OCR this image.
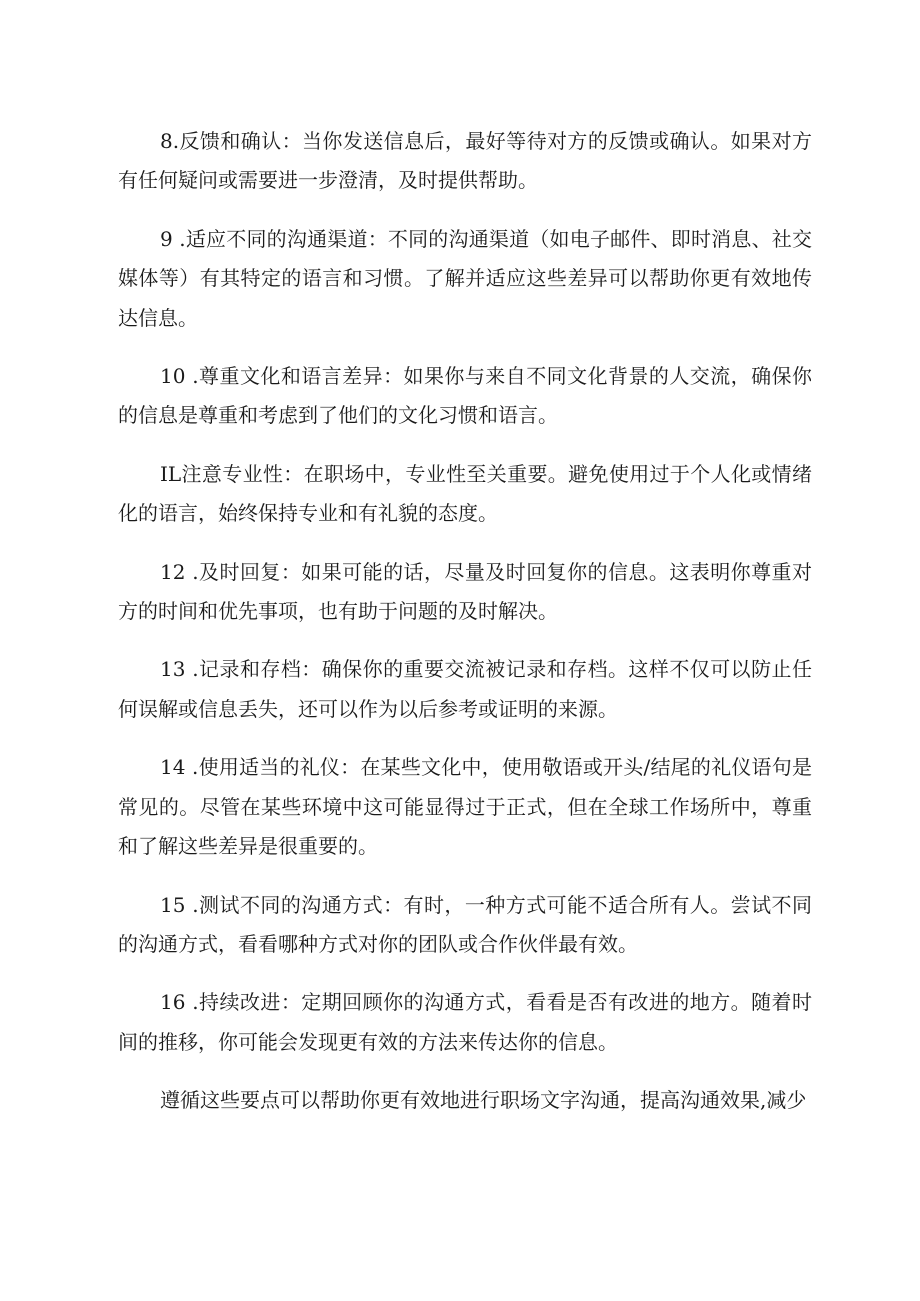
8.反馈和确认：当你发送信息后，最好等待对方的反馈或确认。如果对方有任何疑问或需要进一步澄清，及时提供帮助。

9 .适应不同的沟通渠道：不同的沟通渠道（如电子邮件、即时消息、社交媒体等）有其特定的语言和习惯。了解并适应这些差异可以帮助你更有效地传达信息。

10 .尊重文化和语言差异：如果你与来自不同文化背景的人交流，确保你的信息是尊重和考虑到了他们的文化习惯和语言。

IL注意专业性：在职场中，专业性至关重要。避免使用过于个人化或情绪化的语言，始终保持专业和有礼貌的态度。

12 .及时回复：如果可能的话，尽量及时回复你的信息。这表明你尊重对方的时间和优先事项，也有助于问题的及时解决。

13 .记录和存档：确保你的重要交流被记录和存档。这样不仅可以防止任何误解或信息丢失，还可以作为以后参考或证明的来源。

14 .使用适当的礼仪：在某些文化中，使用敬语或开头/结尾的礼仪语句是常见的。尽管在某些环境中这可能显得过于正式，但在全球工作场所中，尊重和了解这些差异是很重要的。

15 .测试不同的沟通方式：有时，一种方式可能不适合所有人。尝试不同的沟通方式，看看哪种方式对你的团队或合作伙伴最有效。

16 .持续改进：定期回顾你的沟通方式，看看是否有改进的地方。随着时间的推移，你可能会发现更有效的方法来传达你的信息。

遵循这些要点可以帮助你更有效地进行职场文字沟通，提高沟通效果,减少
